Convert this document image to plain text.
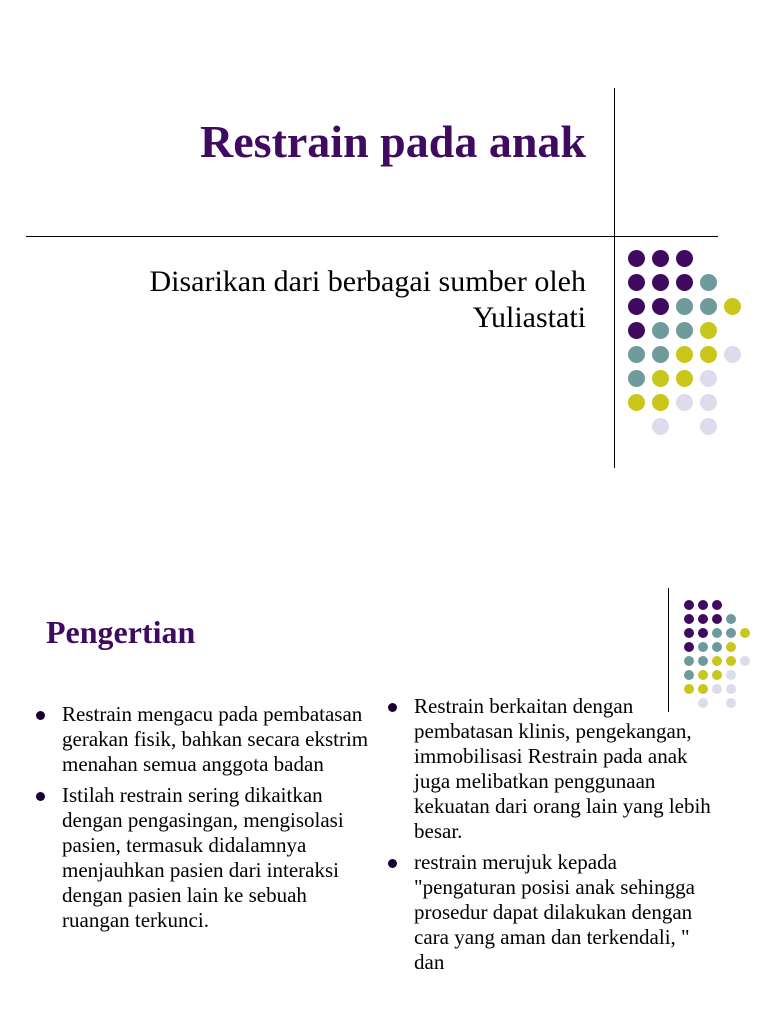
Restrain pada anak

Disarikan dari berbagai sumber oleh
Yuliastati

Pengertian
Restrain mengacu pada pembatasan gerakan fisik, bahkan secara ekstrim menahan semua anggota badan
Istilah restrain sering dikaitkan dengan pengasingan, mengisolasi pasien, termasuk didalamnya menjauhkan pasien dari interaksi dengan pasien lain ke sebuah ruangan terkunci.
Restrain berkaitan dengan pembatasan klinis, pengekangan, immobilisasi Restrain pada anak juga melibatkan penggunaan kekuatan dari orang lain yang lebih besar.
restrain merujuk kepada "pengaturan posisi anak sehingga prosedur dapat dilakukan dengan cara yang aman dan terkendali, " dan
